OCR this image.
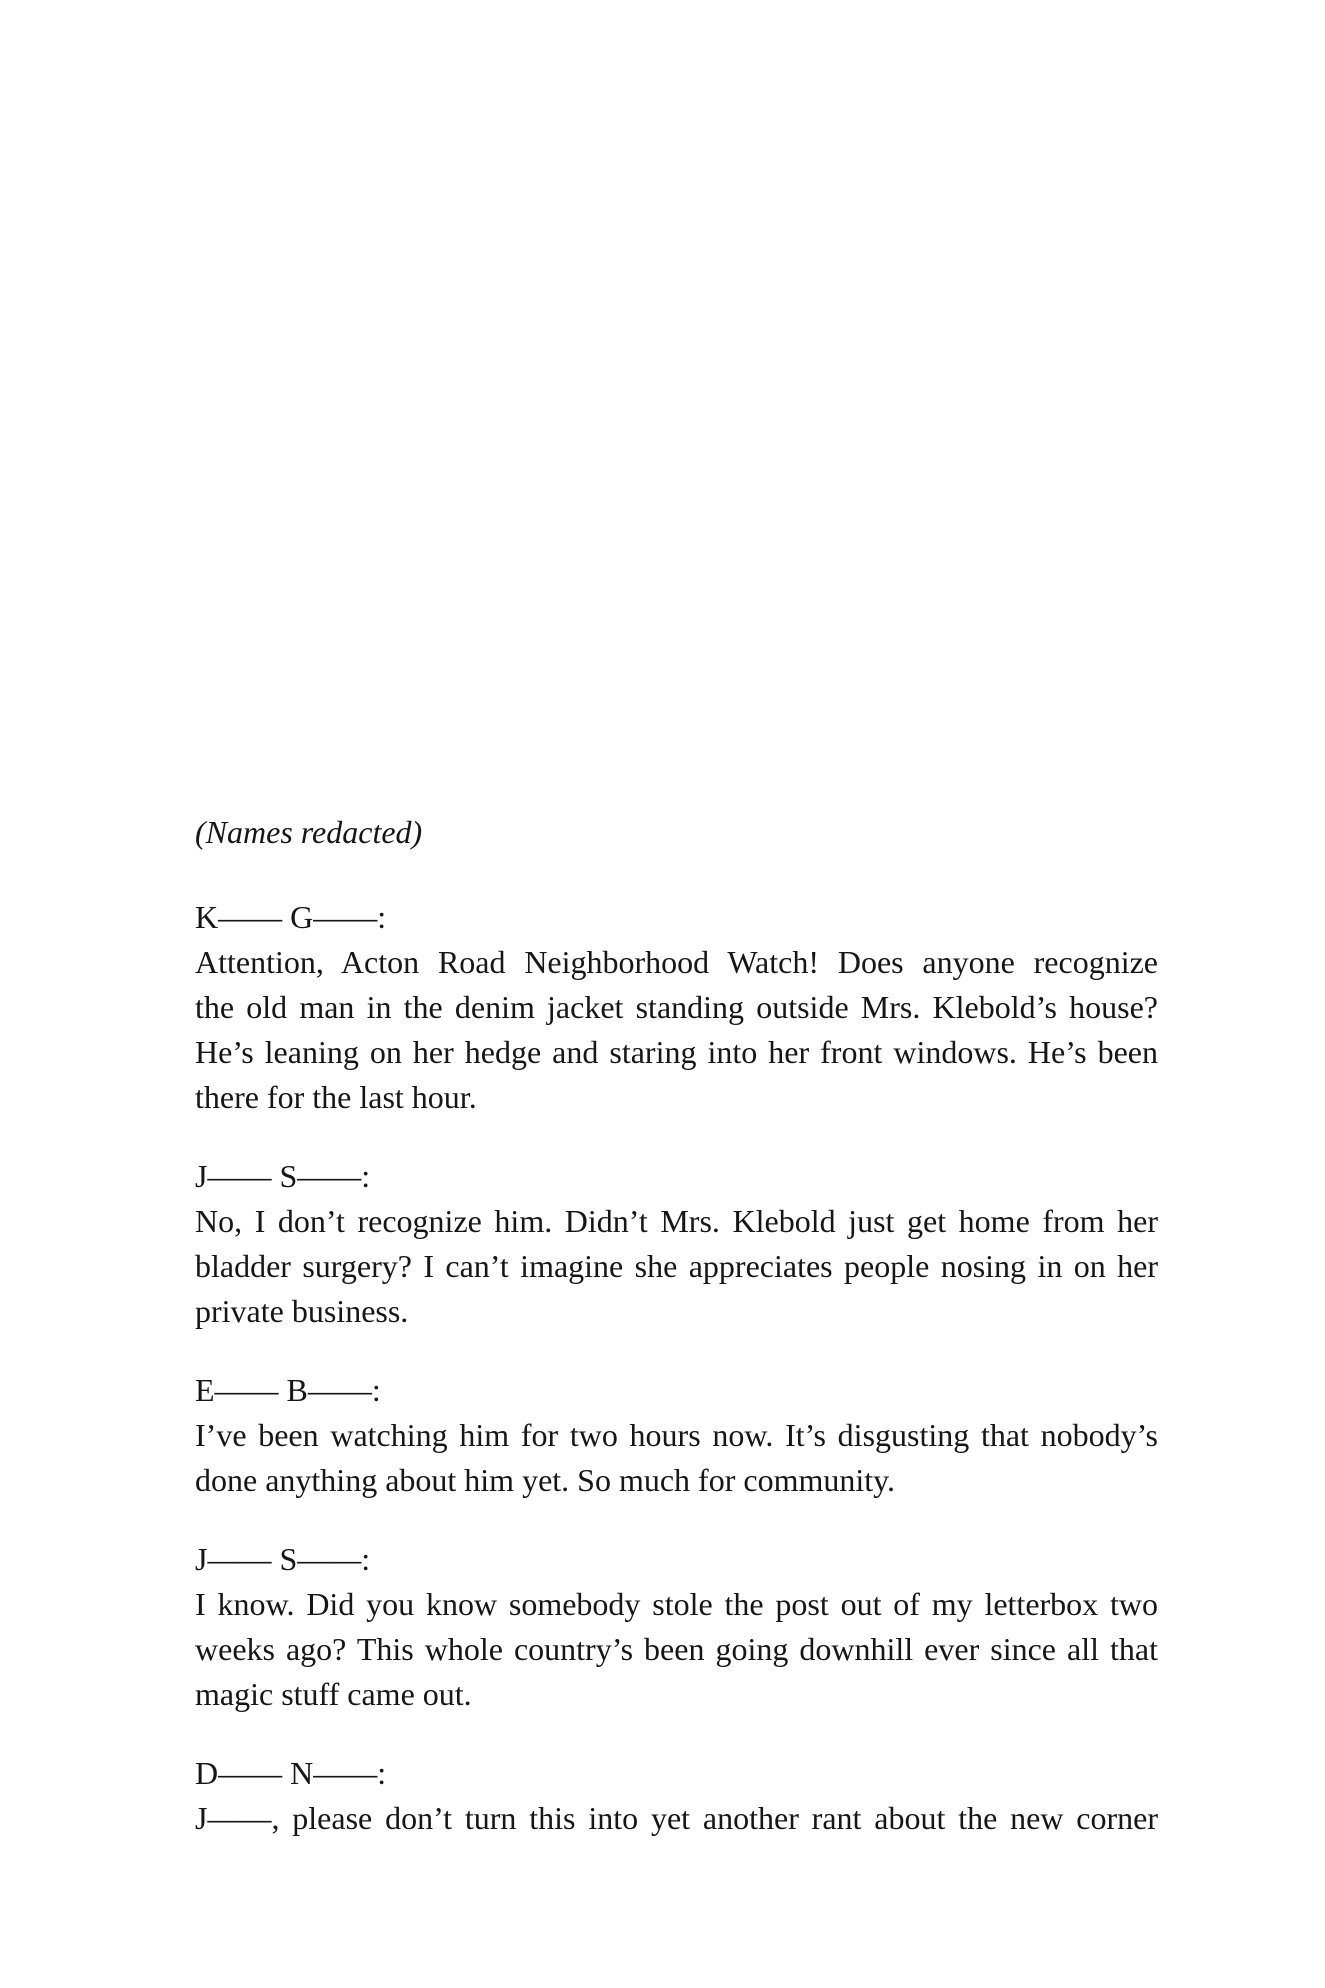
(Names redacted)
K—— G——:
Attention, Acton Road Neighborhood Watch! Does anyone recognize
the old man in the denim jacket standing outside Mrs. Klebold’s house?
He’s leaning on her hedge and staring into her front windows. He’s been
there for the last hour.
J—— S——:
No, I don’t recognize him. Didn’t Mrs. Klebold just get home from her
bladder surgery? I can’t imagine she appreciates people nosing in on her
private business.
E—— B——:
I’ve been watching him for two hours now. It’s disgusting that nobody’s
done anything about him yet. So much for community.
J—— S——:
I know. Did you know somebody stole the post out of my letterbox two
weeks ago? This whole country’s been going downhill ever since all that
magic stuff came out.
D—— N——:
J——, please don’t turn this into yet another rant about the new corner
